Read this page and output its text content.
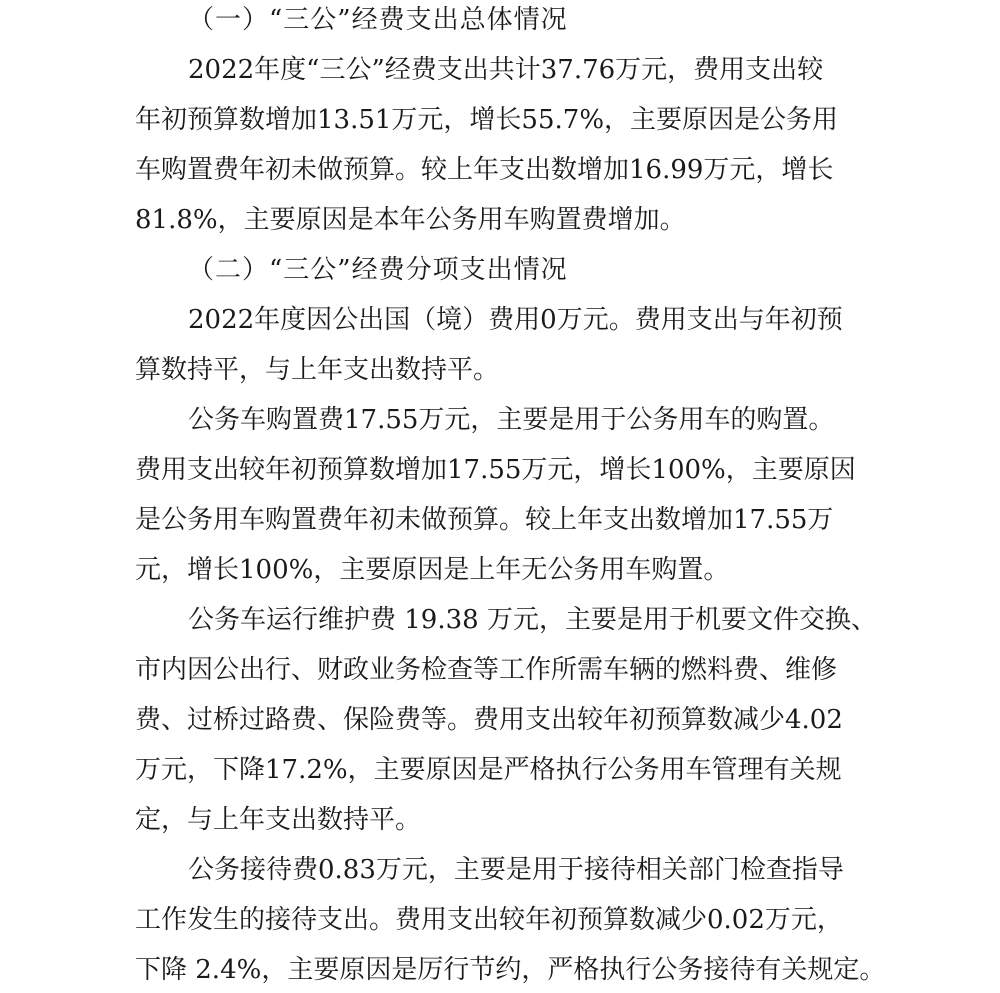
（一）“三公”经费支出总体情况
2022年度“三公”经费支出共计37.76万元，费用支出较
年初预算数增加13.51万元，增长55.7%，主要原因是公务用
车购置费年初未做预算。较上年支出数增加16.99万元，增长
81.8%，主要原因是本年公务用车购置费增加。
（二）“三公”经费分项支出情况
2022年度因公出国（境）费用0万元。费用支出与年初预
算数持平，与上年支出数持平。
公务车购置费17.55万元，主要是用于公务用车的购置。
费用支出较年初预算数增加17.55万元，增长100%，主要原因
是公务用车购置费年初未做预算。较上年支出数增加17.55万
元，增长100%，主要原因是上年无公务用车购置。
公务车运行维护费 19.38 万元，主要是用于机要文件交换、
市内因公出行、财政业务检查等工作所需车辆的燃料费、维修
费、过桥过路费、保险费等。费用支出较年初预算数减少4.02
万元，下降17.2%，主要原因是严格执行公务用车管理有关规
定，与上年支出数持平。
公务接待费0.83万元，主要是用于接待相关部门检查指导
工作发生的接待支出。费用支出较年初预算数减少0.02万元，
下降 2.4%，主要原因是厉行节约，严格执行公务接待有关规定。
